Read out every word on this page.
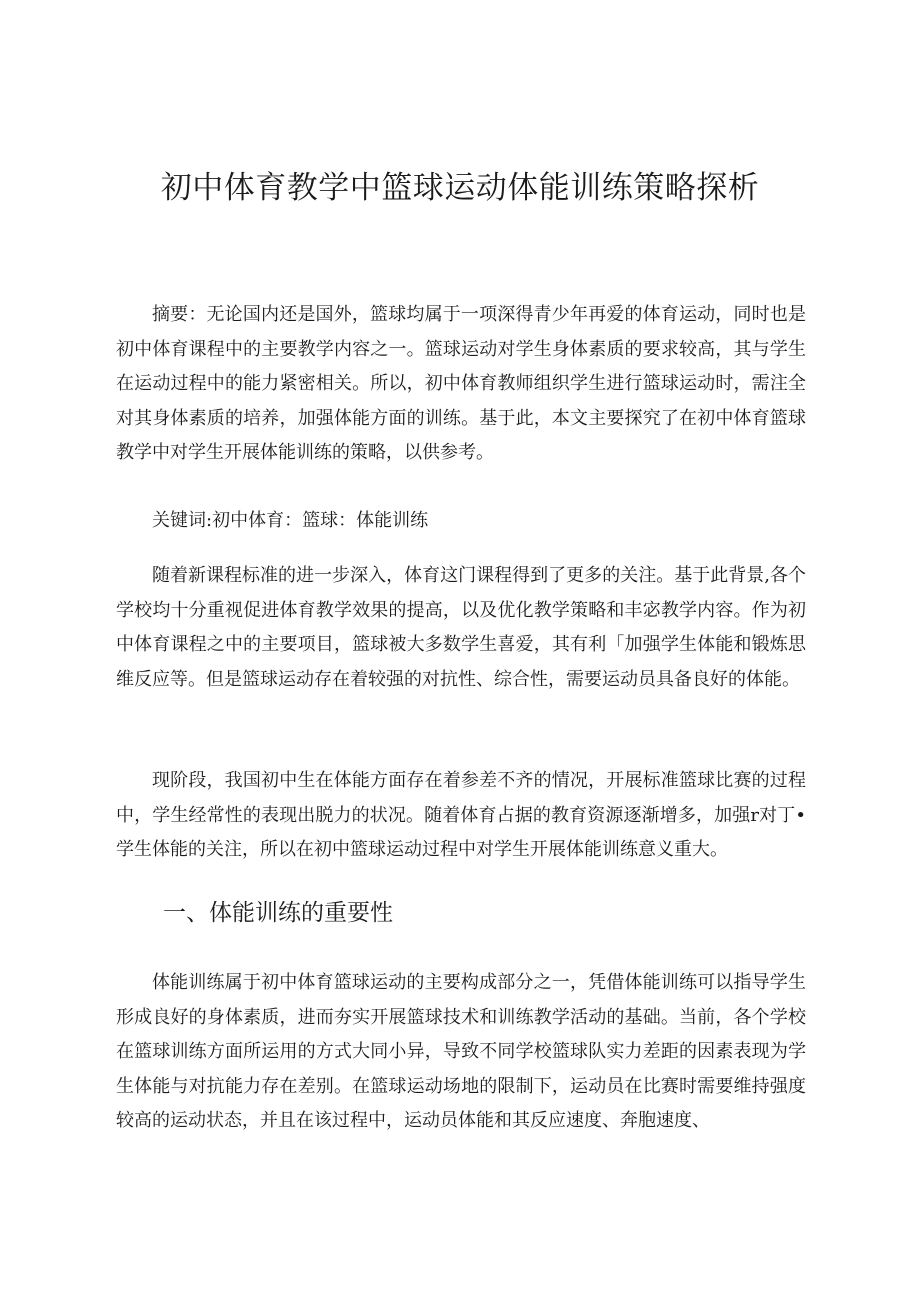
初中体育教学中篮球运动体能训练策略探析

摘要：无论国内还是国外，篮球均属于一项深得青少年再爱的体育运动，同时也是初中体育课程中的主要教学内容之一。篮球运动对学生身体素质的要求较高，其与学生在运动过程中的能力紧密相关。所以，初中体育教师组织学生进行篮球运动时，需注全对其身体素质的培养，加强体能方面的训练。基于此，本文主要探究了在初中体育篮球教学中对学生开展体能训练的策略，以供参考。

关键词:初中体育：篮球：体能训练

随着新课程标准的进一步深入，体育这门课程得到了更多的关注。基于此背景,各个学校均十分重视促进体育教学效果的提高，以及优化教学策略和丰宓教学内容。作为初中体育课程之中的主要项目，篮球被大多数学生喜爱，其有利「加强学生体能和锻炼思维反应等。但是篮球运动存在着较强的对抗性、综合性，需要运动员具备良好的体能。

现阶段，我国初中生在体能方面存在着参差不齐的情况，开展标准篮球比赛的过程中，学生经常性的表现出脱力的状况。随着体育占据的教育资源逐渐增多，加强r对丁•学生体能的关注，所以在初中篮球运动过程中对学生开展体能训练意义重大。

一、体能训练的重要性

体能训练属于初中体育篮球运动的主要构成部分之一，凭借体能训练可以指导学生形成良好的身体素质，进而夯实开展篮球技术和训练教学活动的基础。当前，各个学校在篮球训练方面所运用的方式大同小异，导致不同学校篮球队实力差距的因素表现为学生体能与对抗能力存在差别。在篮球运动场地的限制下，运动员在比赛时需要维持强度较高的运动状态，并且在该过程中，运动员体能和其反应速度、奔胞速度、
